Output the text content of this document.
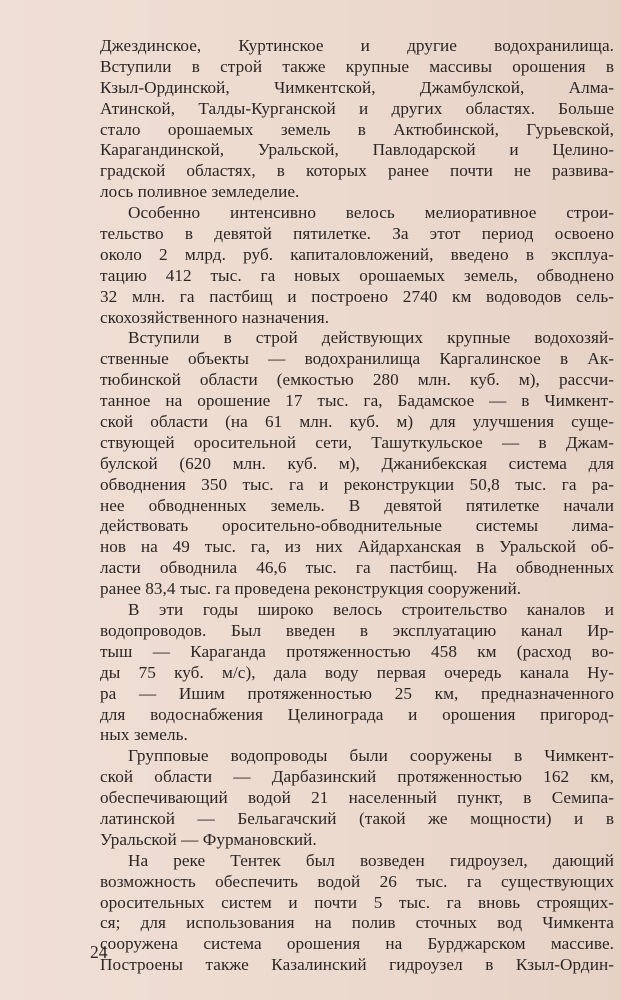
Джездинское, Куртинское и другие водохранилища.
Вступили в строй также крупные массивы орошения в
Кзыл-Ординской, Чимкентской, Джамбулской, Алма-
Атинской, Талды-Курганской и других областях. Больше
стало орошаемых земель в Актюбинской, Гурьевской,
Карагандинской, Уральской, Павлодарской и Целино-
градской областях, в которых ранее почти не развива-
лось поливное земледелие.
Особенно интенсивно велось мелиоративное строи-
тельство в девятой пятилетке. За этот период освоено
около 2 млрд. руб. капиталовложений, введено в эксплуа-
тацию 412 тыс. га новых орошаемых земель, обводнено
32 млн. га пастбищ и построено 2740 км водоводов сель-
скохозяйственного назначения.
Вступили в строй действующих крупные водохозяй-
ственные объекты — водохранилища Каргалинское в Ак-
тюбинской области (емкостью 280 млн. куб. м), рассчи-
танное на орошение 17 тыс. га, Бадамское — в Чимкент-
ской области (на 61 млн. куб. м) для улучшения суще-
ствующей оросительной сети, Ташуткульское — в Джам-
булской (620 млн. куб. м), Джанибекская система для
обводнения 350 тыс. га и реконструкции 50,8 тыс. га ра-
нее обводненных земель. В девятой пятилетке начали
действовать оросительно-обводнительные системы лима-
нов на 49 тыс. га, из них Айдарханская в Уральской об-
ласти обводнила 46,6 тыс. га пастбищ. На обводненных
ранее 83,4 тыс. га проведена реконструкция сооружений.
В эти годы широко велось строительство каналов и
водопроводов. Был введен в эксплуатацию канал Ир-
тыш — Караганда протяженностью 458 км (расход во-
ды 75 куб. м/с), дала воду первая очередь канала Ну-
ра — Ишим протяженностью 25 км, предназначенного
для водоснабжения Целинограда и орошения пригород-
ных земель.
Групповые водопроводы были сооружены в Чимкент-
ской области — Дарбазинский протяженностью 162 км,
обеспечивающий водой 21 населенный пункт, в Семипа-
латинской — Бельагачский (такой же мощности) и в
Уральской — Фурмановский.
На реке Тентек был возведен гидроузел, дающий
возможность обеспечить водой 26 тыс. га существующих
оросительных систем и почти 5 тыс. га вновь строящих-
ся; для использования на полив сточных вод Чимкента
сооружена система орошения на Бурджарском массиве.
Построены также Казалинский гидроузел в Кзыл-Ордин-
24
